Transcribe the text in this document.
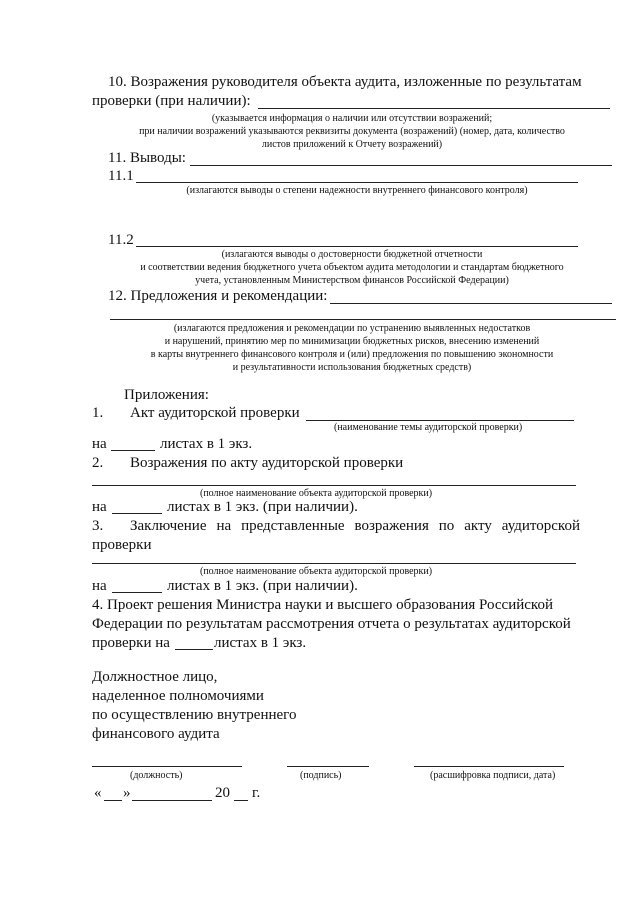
10. Возражения руководителя объекта аудита, изложенные по результатам
проверки (при наличии):
(указывается информация о наличии или отсутствии возражений;
при наличии возражений указываются реквизиты документа (возражений) (номер, дата, количество
листов приложений к Отчету возражений)
11. Выводы:
11.1
(излагаются выводы о степени надежности внутреннего финансового контроля)
11.2
(излагаются выводы о достоверности бюджетной отчетности
и соответствии ведения бюджетного учета объектом аудита методологии и стандартам бюджетного
учета, установленным Министерством финансов Российской Федерации)
12. Предложения и рекомендации:
(излагаются предложения и рекомендации по устранению выявленных недостатков
и нарушений, принятию мер по минимизации бюджетных рисков, внесению изменений
в карты внутреннего финансового контроля и (или) предложения по повышению экономности
и результативности использования бюджетных средств)
Приложения:
1. Акт аудиторской проверки
(наименование темы аудиторской проверки)
на	листах в 1 экз.
2. Возражения по акту аудиторской проверки
(полное наименование объекта аудиторской проверки)
на	листах в 1 экз. (при наличии).
3. Заключение на представленные возражения по акту аудиторской
проверки
(полное наименование объекта аудиторской проверки)
на	листах в 1 экз. (при наличии).
4. Проект решения Министра науки и высшего образования Российской
Федерации по результатам рассмотрения отчета о результатах аудиторской
проверки на	листах в 1 экз.
Должностное лицо,
наделенное полномочиями
по осуществлению внутреннего
финансового аудита
(должность)	(подпись)	(расшифровка подписи, дата)
« »	20 г.
